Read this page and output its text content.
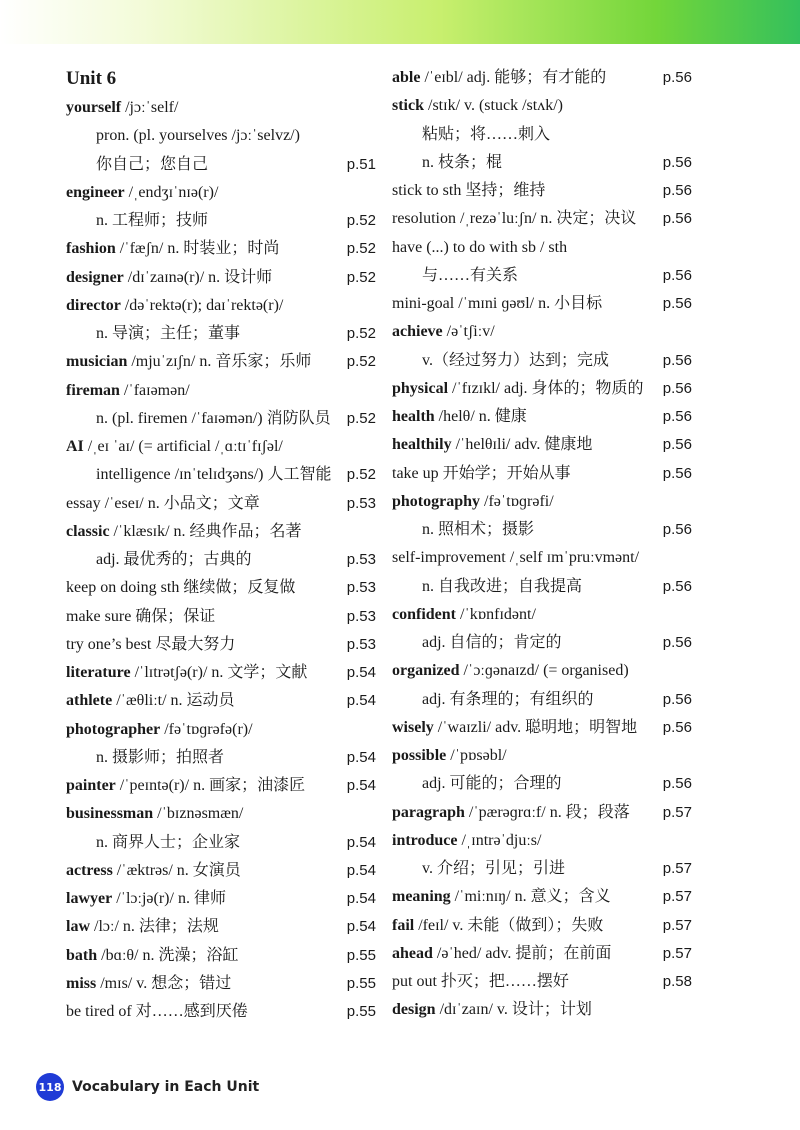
Unit 6
yourself /jɔːˈself/
pron. (pl. yourselves /jɔːˈselvz/)
你自己；您自己	p.51
engineer /ˌendʒɪˈnɪə(r)/
n. 工程师；技师	p.52
fashion /ˈfæʃn/ n. 时装业；时尚	p.52
designer /dɪˈzaɪnə(r)/ n. 设计师	p.52
director /dəˈrektə(r); daɪˈrektə(r)/
n. 导演；主任；董事	p.52
musician /mjuˈzɪʃn/ n. 音乐家；乐师 p.52
fireman /ˈfaɪəmən/
n. (pl. firemen /ˈfaɪəmən/) 消防队员 p.52
AI /ˌeɪ ˈaɪ/ (= artificial /ˌɑːtɪˈfɪʃəl/
intelligence /ɪnˈtelɪdʒəns/) 人工智能 p.52
essay /ˈeseɪ/ n. 小品文；文章	p.53
classic /ˈklæsɪk/ n. 经典作品；名著
adj. 最优秀的；古典的	p.53
keep on doing sth 继续做；反复做	p.53
make sure 确保；保证	p.53
try one’s best 尽最大努力	p.53
literature /ˈlɪtrətʃə(r)/ n. 文学；文献	p.54
athlete /ˈæθliːt/ n. 运动员	p.54
photographer /fəˈtɒɡrəfə(r)/
n. 摄影师；拍照者	p.54
painter /ˈpeɪntə(r)/ n. 画家；油漆匠	p.54
businessman /ˈbɪznəsmæn/
n. 商界人士；企业家	p.54
actress /ˈæktrəs/ n. 女演员	p.54
lawyer /ˈlɔːjə(r)/ n. 律师	p.54
law /lɔː/ n. 法律；法规	p.54
bath /bɑːθ/ n. 洗澡；浴缸	p.55
miss /mɪs/ v. 想念；错过	p.55
be tired of 对……感到厌倦	p.55
able /ˈeɪbl/ adj. 能够；有才能的	p.56
stick /stɪk/ v. (stuck /stʌk/)
粘贴；将……刺入
n. 枝条；棍	p.56
stick to sth 坚持；维持	p.56
resolution /ˌrezəˈluːʃn/ n. 决定；决议 p.56
have (...) to do with sb / sth
与……有关系	p.56
mini-goal /ˈmɪni ɡəʊl/ n. 小目标	p.56
achieve /əˈtʃiːv/
v.（经过努力）达到；完成	p.56
physical /ˈfɪzɪkl/ adj. 身体的；物质的 p.56
health /helθ/ n. 健康	p.56
healthily /ˈhelθɪli/ adv. 健康地	p.56
take up 开始学；开始从事	p.56
photography /fəˈtɒɡrəfi/
n. 照相术；摄影	p.56
self-improvement /ˌself ɪmˈpruːvmənt/
n. 自我改进；自我提高	p.56
confident /ˈkɒnfɪdənt/
adj. 自信的；肯定的	p.56
organized /ˈɔːɡənaɪzd/ (= organised)
adj. 有条理的；有组织的	p.56
wisely /ˈwaɪzli/ adv. 聪明地；明智地 p.56
possible /ˈpɒsəbl/
adj. 可能的；合理的	p.56
paragraph /ˈpærəɡrɑːf/ n. 段；段落 p.57
introduce /ˌɪntrəˈdjuːs/
v. 介绍；引见；引进	p.57
meaning /ˈmiːnɪŋ/ n. 意义；含义	p.57
fail /feɪl/ v. 未能（做到）；失败	p.57
ahead /əˈhed/ adv. 提前；在前面	p.57
put out 扑灭；把……摆好	p.58
design /dɪˈzaɪn/ v. 设计；计划
118 Vocabulary in Each Unit
